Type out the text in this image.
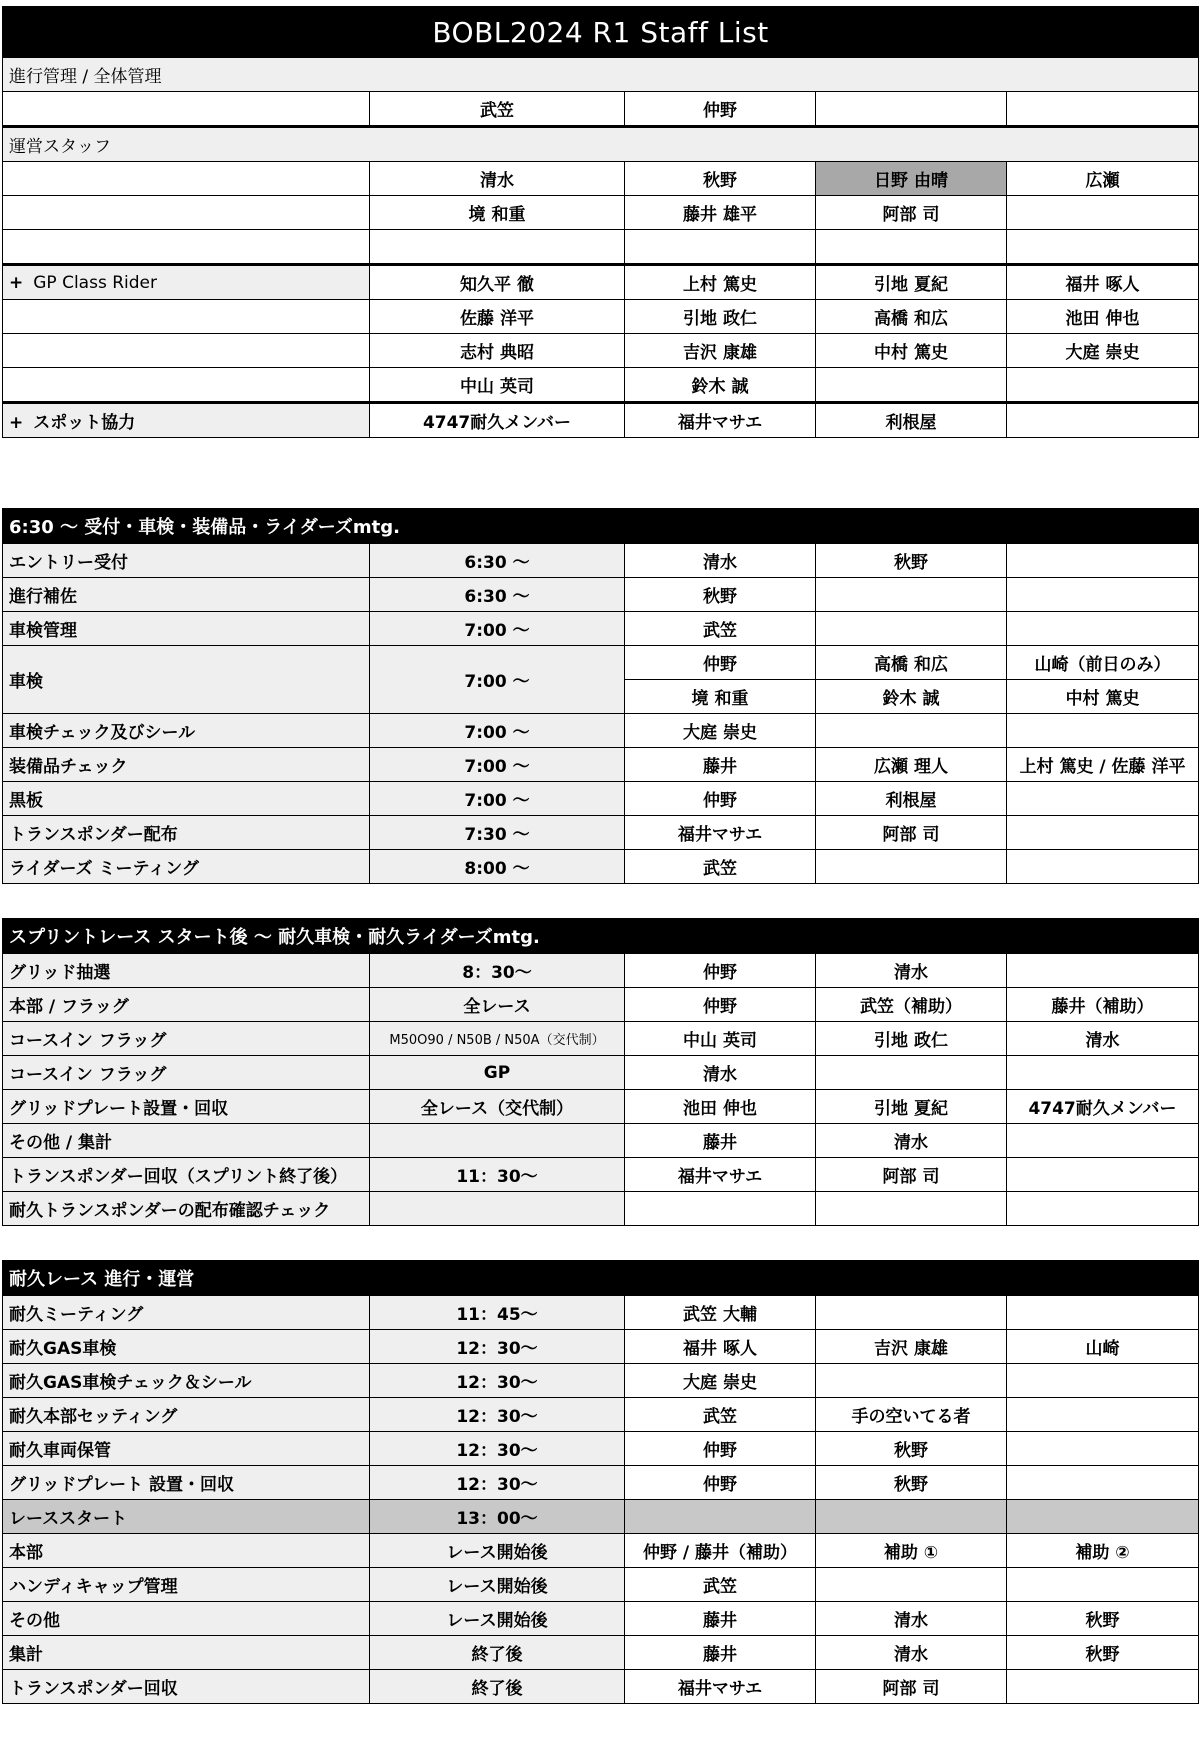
BOBL2024 R1 Staff List				
進行管理 / 全体管理				
	武笠	仲野		
運営スタッフ				
	清水	秋野	日野 由晴	広瀬
	境 和重	藤井 雄平	阿部 司	

+ GP Class Rider	知久平 徹	上村 篤史	引地 夏紀	福井 啄人
	佐藤 洋平	引地 政仁	高橋 和広	池田 伸也
	志村 典昭	吉沢 康雄	中村 篤史	大庭 崇史
	中山 英司	鈴木 誠		
+ スポット協力	4747耐久メンバー	福井マサエ	利根屋	
6:30 〜 受付・車検・装備品・ライダーズmtg.				
エントリー受付	6:30 〜	清水	秋野	
進行補佐	6:30 〜	秋野		
車検管理	7:00 〜	武笠		
車検	7:00 〜	仲野	高橋 和広	山崎（前日のみ）
		境 和重	鈴木 誠	中村 篤史
車検チェック及びシール	7:00 〜	大庭 崇史		
装備品チェック	7:00 〜	藤井	広瀬 理人	上村 篤史 / 佐藤 洋平
黒板	7:00 〜	仲野	利根屋	
トランスポンダー配布	7:30 〜	福井マサエ	阿部 司	
ライダーズ ミーティング	8:00 〜	武笠		
スプリントレース スタート後 〜 耐久車検・耐久ライダーズmtg.				
グリッド抽選	8：30〜	仲野	清水	
本部 / フラッグ	全レース	仲野	武笠（補助）	藤井（補助）
コースイン フラッグ	M50O90 / N50B / N50A（交代制）	中山 英司	引地 政仁	清水
コースイン フラッグ	GP	清水		
グリッドプレート設置・回収	全レース（交代制）	池田 伸也	引地 夏紀	4747耐久メンバー
その他 / 集計		藤井	清水	
トランスポンダー回収（スプリント終了後）	11：30〜	福井マサエ	阿部 司	
耐久トランスポンダーの配布確認チェック				
耐久レース 進行・運営				
耐久ミーティング	11：45〜	武笠 大輔		
耐久GAS車検	12：30〜	福井 啄人	吉沢 康雄	山崎
耐久GAS車検チェック＆シール	12：30〜	大庭 崇史		
耐久本部セッティング	12：30〜	武笠	手の空いてる者	
耐久車両保管	12：30〜	仲野	秋野	
グリッドプレート 設置・回収	12：30〜	仲野	秋野	
レーススタート	13：00〜			
本部	レース開始後	仲野 / 藤井（補助）	補助 ①	補助 ②
ハンディキャップ管理	レース開始後	武笠		
その他	レース開始後	藤井	清水	秋野
集計	終了後	藤井	清水	秋野
トランスポンダー回収	終了後	福井マサエ	阿部 司	
